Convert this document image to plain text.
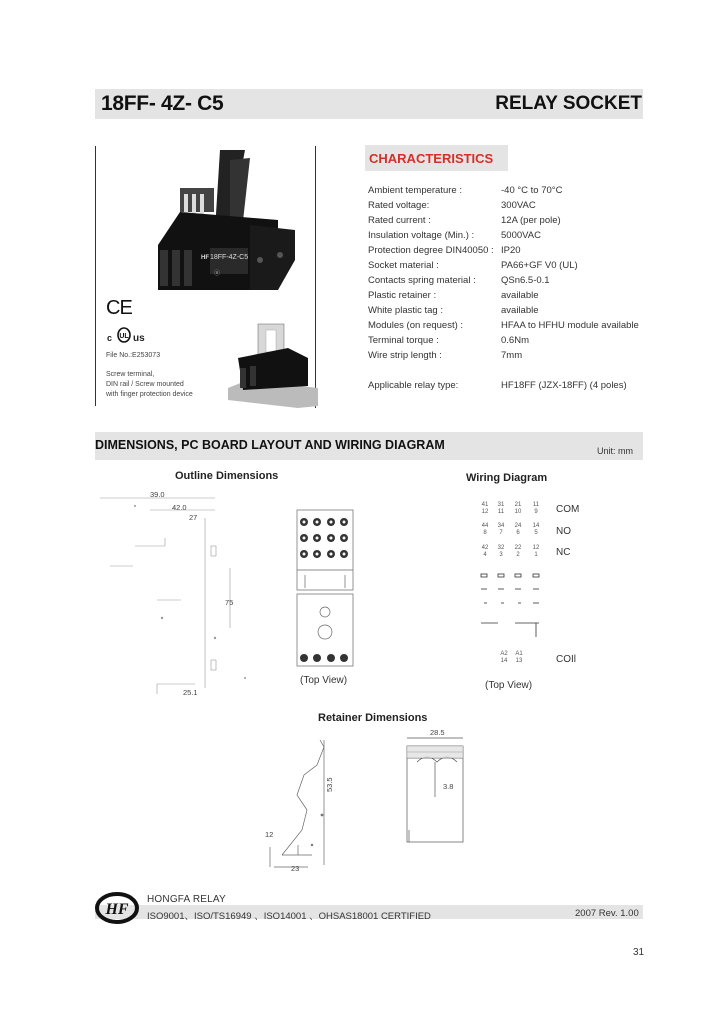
18FF- 4Z- C5	RELAY SOCKET
18FF-4Z-C5
HF
ⓤ
CE
UL
c us
File No.:E253073
Screw terminal,
DIN rail / Screw mounted
with finger protection device
CHARACTERISTICS
Ambient temperature :	-40 °C to 70°C
Rated voltage:	300VAC
Rated current :	12A (per pole)
Insulation voltage (Min.) :	5000VAC
Protection degree DIN40050 : IP20
Socket material :	PA66+GF V0 (UL)
Contacts spring material :	QSn6.5-0.1
Plastic retainer :	available
White plastic tag :	available
Modules (on request) :	HFAA to HFHU module available
Terminal torque :	0.6Nm
Wire strip length :	7mm
Applicable relay type:	HF18FF (JZX-18FF) (4 poles)
DIMENSIONS, PC BOARD LAYOUT AND WIRING DIAGRAM	Unit: mm
Outline Dimensions
39.0
42.0
75
25.1
27
(Top View)
Wiring Diagram
41
12
31
11
21
10
11
9	COM
44
8
34
7
24
6
14
5	NO
42
4
32
3
22
2
12
1	NC
A2
14
A1
13	COIl
(Top View)
Retainer Dimensions
53.5
23
12
28.5
3.8
HF
HONGFA RELAY
ISO9001、ISO/TS16949 、ISO14001 、OHSAS18001 CERTIFIED	2007 Rev. 1.00
31
